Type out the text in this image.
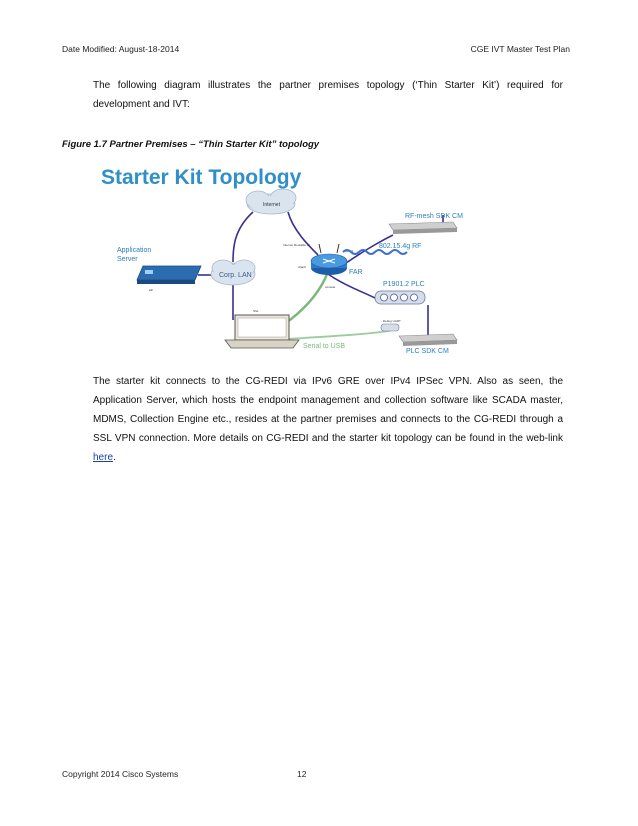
Date Modified: August-18-2014	CGE IVT Master Test Plan
The following diagram illustrates the partner premises topology (‘Thin Starter Kit’) required for development and IVT:
Figure 1.7 Partner Premises – “Thin Starter Kit” topology
Starter Kit Topology
Internet
Corp. LAN
Application
Server
eth
FAR
Internet Routable IP
wlan0
eth0/1
console
802.15.4g RF
RF-mesh SDK CM
P1901.2 PLC
Debug UART
PLC SDK CM
SSL
Serial to USB
The starter kit connects to the CG-REDI via IPv6 GRE over IPv4 IPSec VPN. Also as seen, the Application Server, which hosts the endpoint management and collection software like SCADA master, MDMS, Collection Engine etc., resides at the partner premises and connects to the CG-REDI through a SSL VPN connection. More details on CG-REDI and the starter kit topology can be found in the web-link here.
Copyright 2014 Cisco Systems	12
